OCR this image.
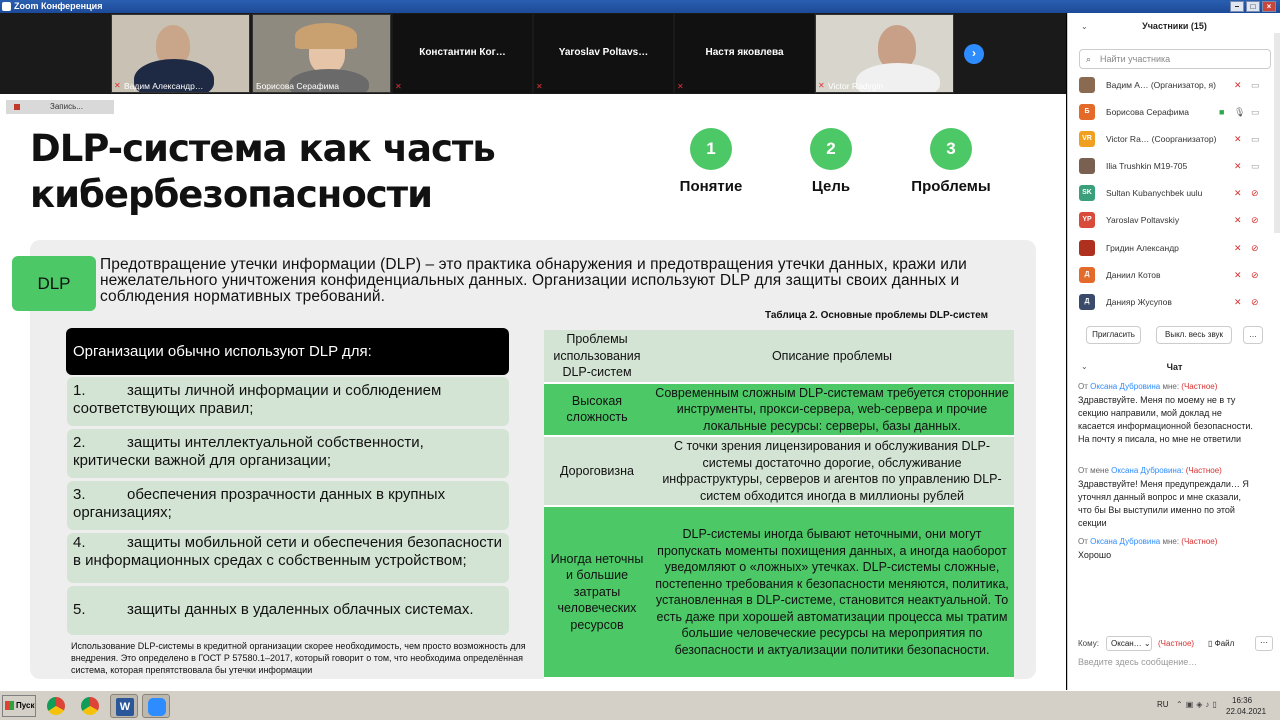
Zoom Конференция	–	□	×
✕ Вадим Александр…	Борисова Серафима
Константин Ког…
✕
Yaroslav Poltavs…
✕
Настя яковлева
✕	✕ Victor Radygin
›
Запись...
DLP-система как часть
кибербезопасности
1
Понятие
2
Цель
3
Проблемы
DLP
Предотвращение утечки информации (DLP) – это практика обнаружения и предотвращения утечки данных, кражи или нежелательного уничтожения конфиденциальных данных. Организации используют DLP для защиты своих данных и соблюдения нормативных требований.
Таблица 2. Основные проблемы DLP-систем
Организации обычно используют DLP для:
1.	защиты личной информации и соблюдением соответствующих правил;
2.	защиты интеллектуальной собственности, критически важной для организации;
3.	обеспечения прозрачности данных в крупных организациях;
4.	защиты мобильной сети и обеспечения безопасности в информационных средах с собственным устройством;
5.	защиты данных в удаленных облачных системах.
Использование DLP-системы в кредитной организации скорее необходимость, чем просто возможность для внедрения. Это определено в ГОСТ Р 57580.1–2017, который говорит о том, что необходима определённая система, которая препятствовала бы утечки информации
Проблемы использования DLP-систем	Описание проблемы
Высокая сложность	Современным сложным DLP-системам требуется сторонние инструменты, прокси-сервера, web-сервера и прочие локальные ресурсы: серверы, базы данных.
Дороговизна	С точки зрения лицензирования и обслуживания DLP-системы достаточно дорогие, обслуживание инфраструктуры, серверов и агентов по управлению DLP-систем обходится иногда в миллионы рублей
Иногда неточны и большие затраты человеческих ресурсов	DLP-системы иногда бывают неточными, они могут пропускать моменты похищения данных, а иногда наоборот уведомляют о «ложных» утечках. DLP-системы сложные, постепенно требования к безопасности меняются, политика, установленная в DLP-системе, становится неактуальной. То есть даже при хорошей автоматизации процесса мы тратим большие человеческие ресурсы на мероприятия по безопасности и актуализации политики безопасности.
⌄	Участники (15)
⌕ Найти участника
Вадим А… (Организатор, я)	✕ ▭
Б	Борисова Серафима	■ 🎙 ▭
VR	Victor Ra… (Соорганизатор)	✕ ▭
Ilia Trushkin M19-705	✕ ▭
SK	Sultan Kubanychbek uulu	✕ ⊘
YP	Yaroslav Poltavskiy	✕ ⊘
Гридин Александр	✕ ⊘
Д	Даниил Котов	✕ ⊘
Д	Данияр Жусупов	✕ ⊘
Пригласить	Выкл. весь звук	…
⌄	Чат
От Оксана Дубровина мне: (Частное)
Здравствуйте. Меня по моему не в ту секцию направили, мой доклад не касается информационной безопасности. На почту я писала, но мне не ответили
От мене Оксана Дубровина: (Частное)
Здравствуйте! Меня предупреждали… Я уточнял данный вопрос и мне сказали, что бы Вы выступили именно по этой секции
От Оксана Дубровина мне: (Частное)
Хорошо
Кому:	Оксан… ⌄ (Частное) ▯ Файл	···
Введите здесь сообщение…
Пуск	W	RU ⌃▣◈♪▯ 16:36
22.04.2021
